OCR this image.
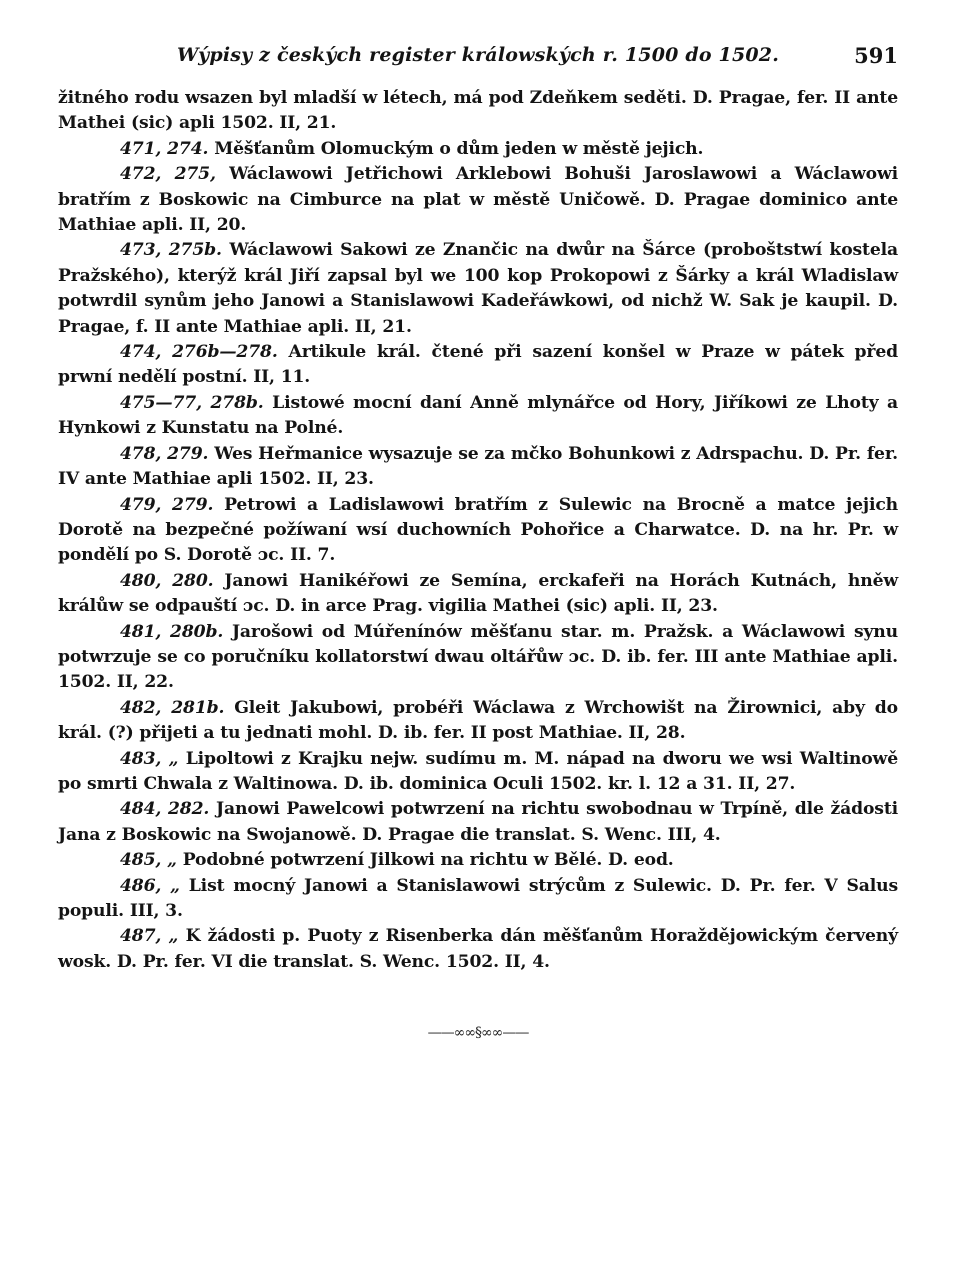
Wýpisy z českých register králowských r. 1500 do 1502.	591

žitného rodu wsazen byl mladší w létech, má pod Zdeňkem seděti. D. Pragae, fer. II ante Mathei (sic) apli 1502. II, 21.

471, 274. Měšťanům Olomuckým o dům jeden w městě jejich.

472, 275, Wáclawowi Jetřichowi Arklebowi Bohuši Jaroslawowi a Wáclawowi bratřím z Boskowic na Cimburce na plat w městě Uničowě. D. Pragae dominico ante Mathiae apli. II, 20.

473, 275b. Wáclawowi Sakowi ze Znančic na dwůr na Šárce (proboštstwí kostela Pražského), kterýž král Jiří zapsal byl we 100 kop Prokopowi z Šárky a král Wladislaw potwrdil synům jeho Janowi a Stanislawowi Kadeřáwkowi, od nichž W. Sak je kaupil. D. Pragae, f. II ante Mathiae apli. II, 21.

474, 276b—278. Artikule král. čtené při sazení konšel w Praze w pátek před prwní nedělí postní. II, 11.

475—77, 278b. Listowé mocní daní Anně mlynářce od Hory, Jiříkowi ze Lhoty a Hynkowi z Kunstatu na Polné.

478, 279. Wes Heřmanice wysazuje se za mčko Bohunkowi z Adrspachu. D. Pr. fer. IV ante Mathiae apli 1502. II, 23.

479, 279. Petrowi a Ladislawowi bratřím z Sulewic na Brocně a matce jejich Dorotě na bezpečné požíwaní wsí duchowních Pohořice a Charwatce. D. na hr. Pr. w pondělí po S. Dorotě ɔc. II. 7.

480, 280. Janowi Hanikéřowi ze Semína, erckafeři na Horách Kutnách, hněw králůw se odpauští ɔc. D. in arce Prag. vigilia Mathei (sic) apli. II, 23.

481, 280b. Jarošowi od Múřenínów měšťanu star. m. Pražsk. a Wáclawowi synu potwrzuje se co poručníku kollatorstwí dwau oltářůw ɔc. D. ib. fer. III ante Mathiae apli. 1502. II, 22.

482, 281b. Gleit Jakubowi, probéři Wáclawa z Wrchowišt na Žirownici, aby do král. (?) přijeti a tu jednati mohl. D. ib. fer. II post Mathiae. II, 28.

483, „ Lipoltowi z Krajku nejw. sudímu m. M. nápad na dworu we wsi Waltinowě po smrti Chwala z Waltinowa. D. ib. dominica Oculi 1502. kr. l. 12 a 31. II, 27.

484, 282. Janowi Pawelcowi potwrzení na richtu swobodnau w Trpíně, dle žádosti Jana z Boskowic na Swojanowě. D. Pragae die translat. S. Wenc. III, 4.

485, „ Podobné potwrzení Jilkowi na richtu w Bělé. D. eod.

486, „ List mocný Janowi a Stanislawowi strýcům z Sulewic. D. Pr. fer. V Salus populi. III, 3.

487, „ K žádosti p. Puoty z Risenberka dán měšťanům Horaždějowickým červený wosk. D. Pr. fer. VI die translat. S. Wenc. 1502. II, 4.

——∞∞§∞∞——
